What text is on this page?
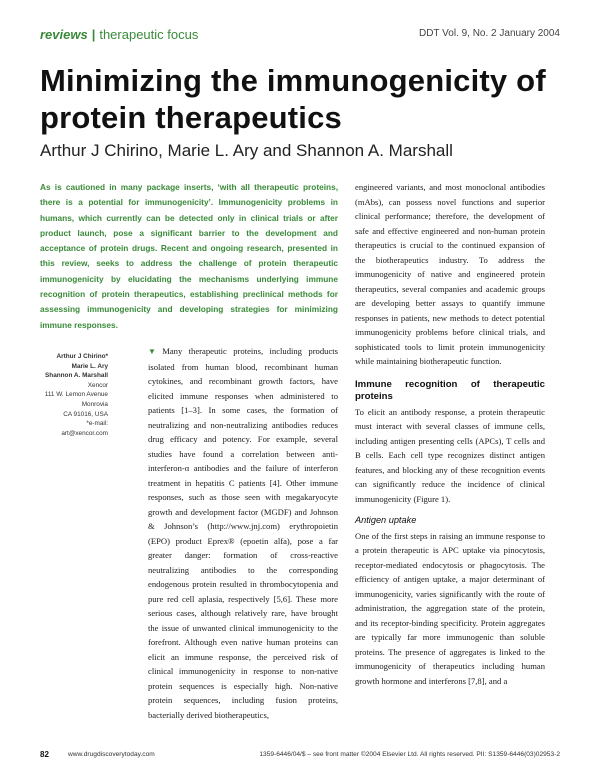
reviews | therapeutic focus	DDT Vol. 9, No. 2 January 2004
Minimizing the immunogenicity of protein therapeutics
Arthur J Chirino, Marie L. Ary and Shannon A. Marshall
As is cautioned in many package inserts, ‘with all therapeutic proteins, there is a potential for immunogenicity’. Immunogenicity problems in humans, which currently can be detected only in clinical trials or after product launch, pose a significant barrier to the development and acceptance of protein drugs. Recent and ongoing research, presented in this review, seeks to address the challenge of protein therapeutic immunogenicity by elucidating the mechanisms underlying immune recognition of protein therapeutics, establishing preclinical methods for assessing immunogenicity and developing strategies for minimizing immune responses.
Arthur J Chirino*
Marie L. Ary
Shannon A. Marshall
Xencor
111 W. Lemon Avenue
Monrovia
CA 91016, USA
*e-mail: art@xencor.com

▼ Many therapeutic proteins, including products isolated from human blood, recombinant human cytokines, and recombinant growth factors, have elicited immune responses when administered to patients [1–3]. In some cases, the formation of neutralizing and non-neutralizing antibodies reduces drug efficacy and potency. For example, several studies have found a correlation between anti-interferon-α antibodies and the failure of interferon treatment in hepatitis C patients [4]. Other immune responses, such as those seen with megakaryocyte growth and development factor (MGDF) and Johnson & Johnson’s (http://www.jnj.com) erythropoietin (EPO) product Eprex® (epoetin alfa), pose a far greater danger: formation of cross-reactive neutralizing antibodies to the corresponding endogenous protein resulted in thrombocytopenia and pure red cell aplasia, respectively [5,6]. These more serious cases, although relatively rare, have brought the issue of unwanted clinical immunogenicity to the forefront. Although even native human proteins can elicit an immune response, the perceived risk of clinical immunogenicity in response to non-native protein sequences is especially high. Non-native protein sequences, including fusion proteins, bacterially derived biotherapeutics,

engineered variants, and most monoclonal antibodies (mAbs), can possess novel functions and superior clinical performance; therefore, the development of safe and effective engineered and non-human protein therapeutics is crucial to the continued expansion of the biotherapeutics industry. To address the immunogenicity of native and engineered protein therapeutics, several companies and academic groups are developing better assays to quantify immune responses in patients, new methods to detect potential immunogenicity problems before clinical trials, and sophisticated tools to limit protein immunogenicity while maintaining biotherapeutic function.

Immune recognition of therapeutic proteins

To elicit an antibody response, a protein therapeutic must interact with several classes of immune cells, including antigen presenting cells (APCs), T cells and B cells. Each cell type recognizes distinct antigen features, and blocking any of these recognition events can significantly reduce the incidence of clinical immunogenicity (Figure 1).

Antigen uptake

One of the first steps in raising an immune response to a protein therapeutic is APC uptake via pinocytosis, receptor-mediated endocytosis or phagocytosis. The efficiency of antigen uptake, a major determinant of immunogenicity, varies significantly with the route of administration, the aggregation state of the protein, and its receptor-binding specificity. Protein aggregates are typically far more immunogenic than soluble proteins. The presence of aggregates is linked to the immunogenicity of therapeutics including human growth hormone and interferons [7,8], and a

82	www.drugdiscoverytoday.com	1359-6446/04/$ – see front matter ©2004 Elsevier Ltd. All rights reserved. PII: S1359-6446(03)02953-2
